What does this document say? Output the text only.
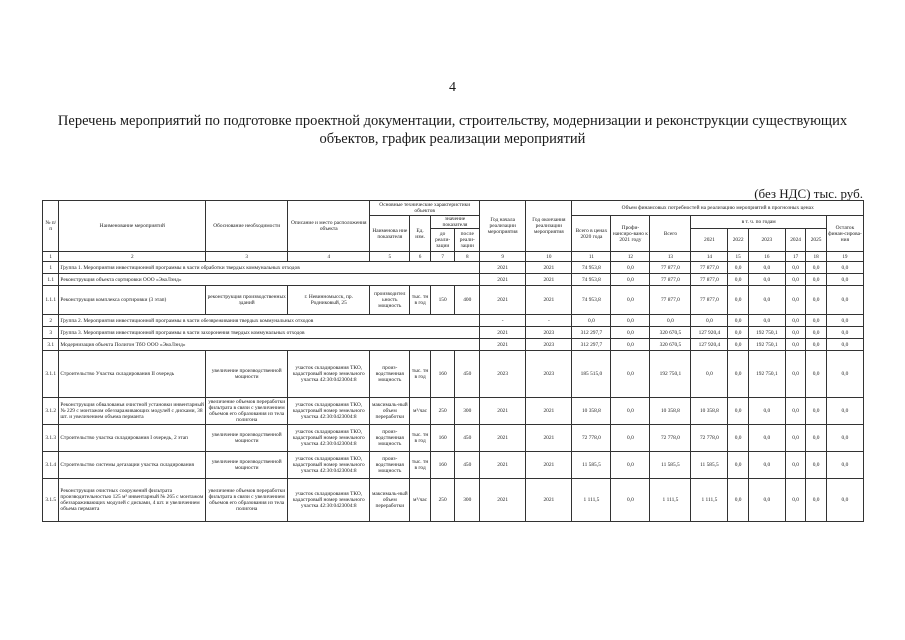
4
Перечень мероприятий по подготовке проектной документации, строительству, модернизации и реконструкции существующих
объектов, график реализации мероприятий
(без НДС) тыс. руб.
№ п/п	Наименование мероприятий	Обоснование необходимости	Описание и место расположения объекта	Основные технические характеристики объектов				Год начала реализации мероприятия	Год окончания реализации мероприятия	Объем финансовых потребностей на реализацию мероприятий в прогнозных ценах								
				Наименова ние показателя	Ед. изм.	значение показателя				Всего в ценах 2020 года	Профи-нансиро-вано к 2021 году	Всего	в т. ч. по годам					Остаток финан-сирова-ния
						до реали-зации	после реали-зации						2021	2022	2023	2024	2025	
1	2	3	4	5	6	7	8	9	10	11	12	13	14	15	16	17	18	19
1	Группа 1. Мероприятия инвестиционной программы в части обработки твердых коммунальных отходов							2021	2021	74 953,8	0,0	77 877,0	77 877,0	0,0	0,0	0,0	0,0	0,0
1.1	Реконструкция объекта сортировки ООО «ЭкоЛэнд»							2021	2021	74 953,8	0,0	77 877,0	77 877,0	0,0	0,0	0,0	0,0	0,0
1.1.1	Реконструкция комплекса сортировки (3 этап)	реконструкция производственных зданий	г. Невинномысск, пр. Родниковый, 25	производител ьность мощность	тыс. тн в год	150	400	2021	2021	74 953,8	0,0	77 877,0	77 877,0	0,0	0,0	0,0	0,0	0,0
2	Группа 2. Мероприятия инвестиционной программы в части обезвреживания твердых коммунальных отходов							-	-	0,0	0,0	0,0	0,0	0,0	0,0	0,0	0,0	0,0
3	Группа 3. Мероприятия инвестиционной программы в части захоронения твердых коммунальных отходов							2021	2023	312 297,7	0,0	320 670,5	127 920,4	0,0	192 750,1	0,0	0,0	0,0
3.1	Модернизация объекта Полигон ТбО ООО «ЭкоЛэнд»							2021	2023	312 297,7	0,0	320 670,5	127 920,4	0,0	192 750,1	0,0	0,0	0,0
3.1.1	Строительство Участка складирования II очередь	увеличение производственной мощности	участок складирования ТКО, кадастровый номер земельного участка 42:30:0423004:8	произ-водственная мощность	тыс. тн в год	160	450	2023	2023	185 515,0	0,0	192 750,1	0,0	0,0	192 750,1	0,0	0,0	0,0
3.1.2	Реконструкция обвалованья очистной установки инвентарный № 229 с монтажом обеззараживающих модулей с дисками, 38 шт. и увеличением объема перманта	увеличение объемов переработки фильтрата в связи с увеличением объемов его образования из тела полигона	участок складирования ТКО, кадастровый номер земельного участка 42:30:0423004:8	максималь-ный объем переработки	м³/час	250	300	2021	2021	10 358,8	0,0	10 358,8	10 358,8	0,0	0,0	0,0	0,0	0,0
3.1.3	Строительство участка складирования I очередь, 2 этап	увеличение производственной мощности	участок складирования ТКО, кадастровый номер земельного участка 42:30:0423004:8	произ-водственная мощность	тыс. тн в год	160	450	2021	2021	72 778,0	0,0	72 778,0	72 778,0	0,0	0,0	0,0	0,0	0,0
3.1.4	Строительство системы дегазации участка складирования	увеличение производственной мощности	участок складирования ТКО, кадастровый номер земельного участка 42:30:0423004:8	произ-водственная мощность	тыс. тн в год	160	450	2021	2021	11 585,5	0,0	11 585,5	11 585,5	0,0	0,0	0,0	0,0	0,0
3.1.5	Реконструкция очистных сооружений фильтрата производительностью 125 м³ инвентарный № 265 с монтажом обеззараживающих модулей с дисками, 4 шт. и увеличением объема перманта	увеличение объемов переработки фильтрата в связи с увеличением объемов его образования из тела полигона	участок складирования ТКО, кадастровый номер земельного участка 42:30:0423004:8	максималь-ный объем переработки	м³/час	250	300	2021	2021	1 111,5	0,0	1 111,5	1 111,5	0,0	0,0	0,0	0,0	0,0
